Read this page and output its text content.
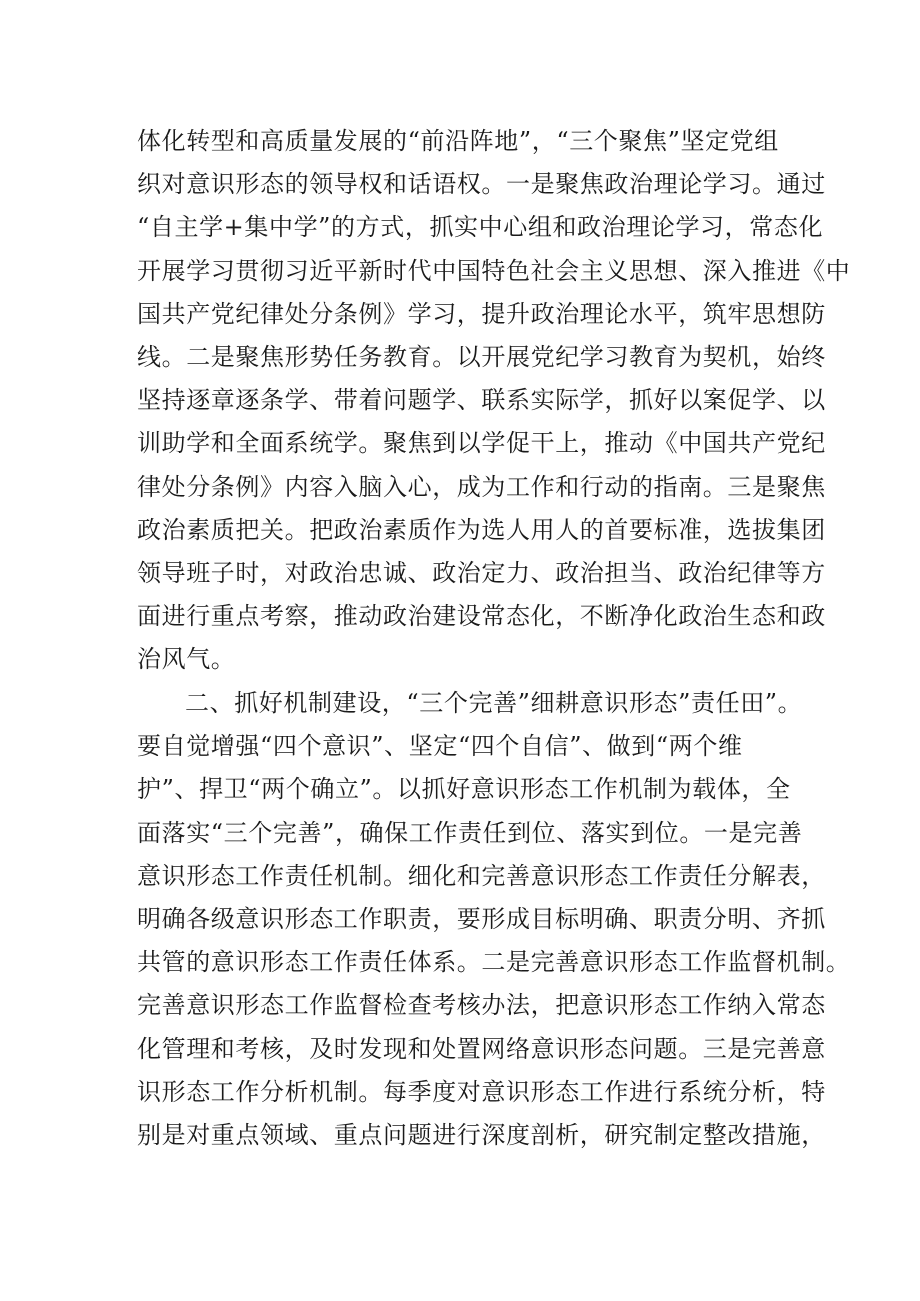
体化转型和高质量发展的“前沿阵地”，“三个聚焦”坚定党组
织对意识形态的领导权和话语权。一是聚焦政治理论学习。通过
“自主学+集中学”的方式，抓实中心组和政治理论学习，常态化
开展学习贯彻习近平新时代中国特色社会主义思想、深入推进《中
国共产党纪律处分条例》学习，提升政治理论水平，筑牢思想防
线。二是聚焦形势任务教育。以开展党纪学习教育为契机，始终
坚持逐章逐条学、带着问题学、联系实际学，抓好以案促学、以
训助学和全面系统学。聚焦到以学促干上，推动《中国共产党纪
律处分条例》内容入脑入心，成为工作和行动的指南。三是聚焦
政治素质把关。把政治素质作为选人用人的首要标准，选拔集团
领导班子时，对政治忠诚、政治定力、政治担当、政治纪律等方
面进行重点考察，推动政治建设常态化，不断净化政治生态和政
治风气。
二、抓好机制建设，“三个完善”细耕意识形态”责任田”。
要自觉增强“四个意识”、坚定“四个自信”、做到“两个维
护”、捍卫“两个确立”。以抓好意识形态工作机制为载体，全
面落实“三个完善”，确保工作责任到位、落实到位。一是完善
意识形态工作责任机制。细化和完善意识形态工作责任分解表，
明确各级意识形态工作职责，要形成目标明确、职责分明、齐抓
共管的意识形态工作责任体系。二是完善意识形态工作监督机制。
完善意识形态工作监督检查考核办法，把意识形态工作纳入常态
化管理和考核，及时发现和处置网络意识形态问题。三是完善意
识形态工作分析机制。每季度对意识形态工作进行系统分析，特
别是对重点领域、重点问题进行深度剖析，研究制定整改措施，
